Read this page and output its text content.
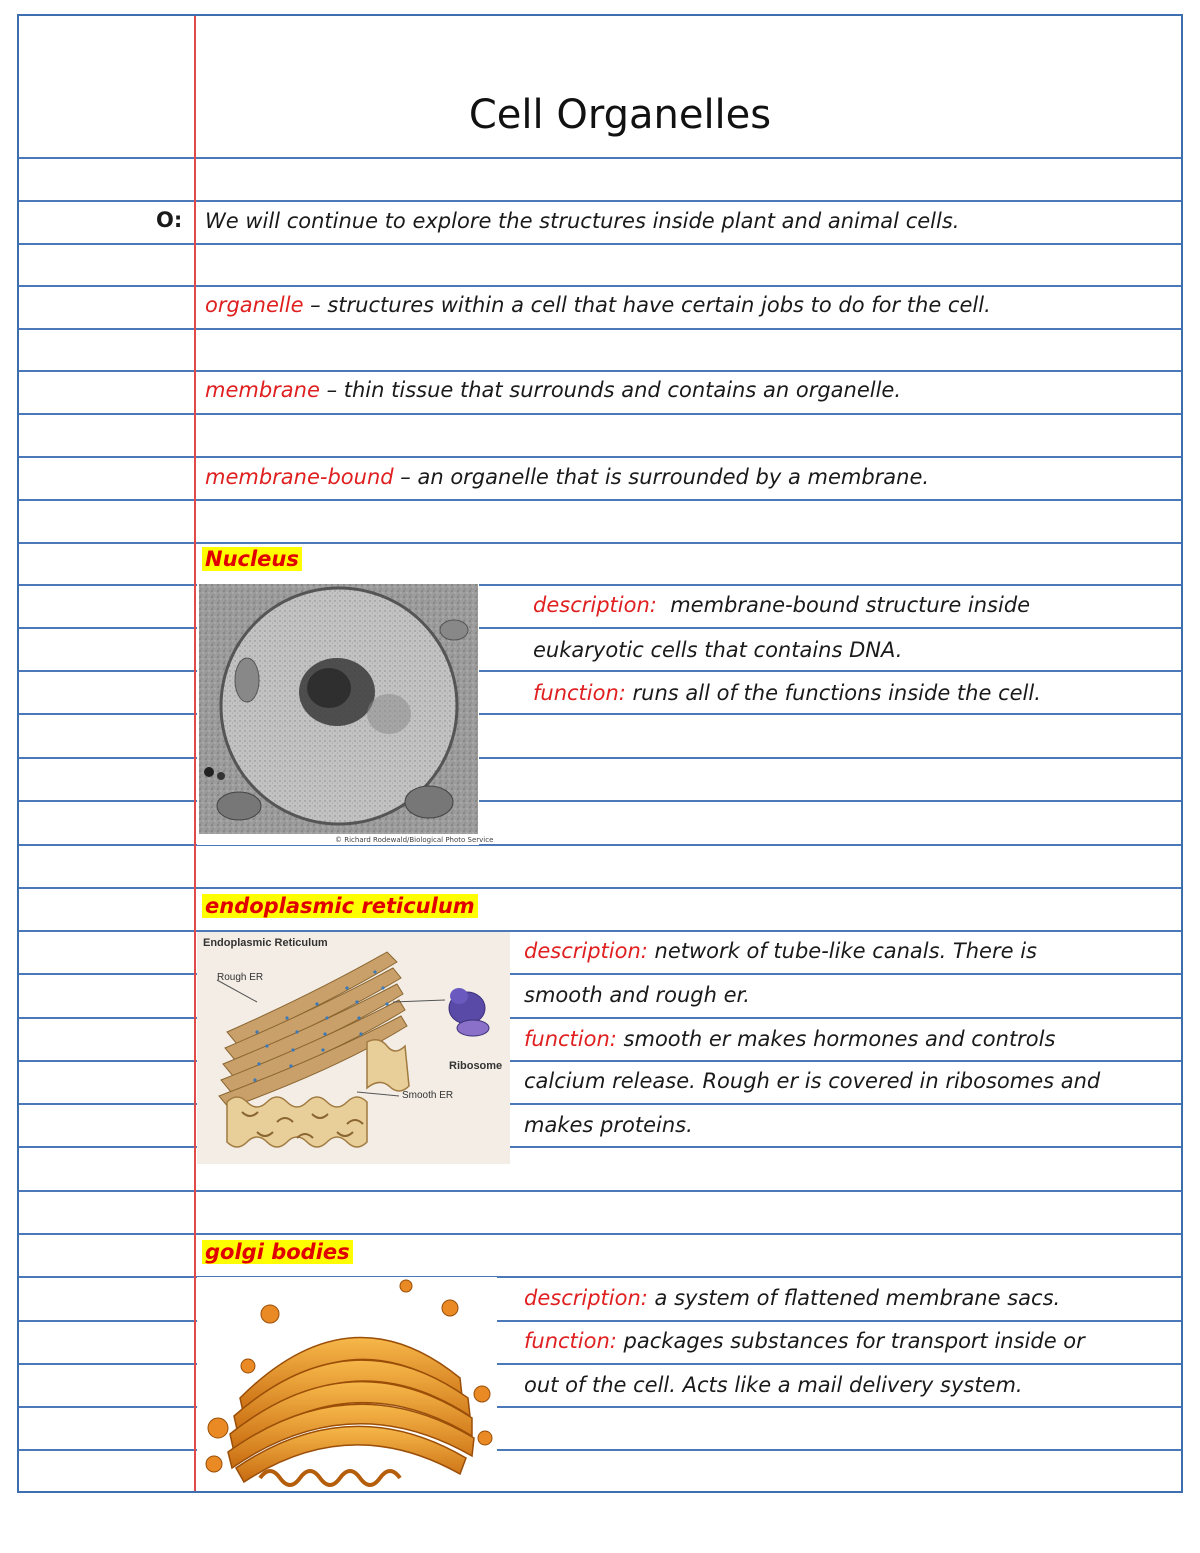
Cell Organelles
O: We will continue to explore the structures inside plant and animal cells.
organelle – structures within a cell that have certain jobs to do for the cell.
membrane – thin tissue that surrounds and contains an organelle.
membrane-bound – an organelle that is surrounded by a membrane.
Nucleus
© Richard Rodewald/Biological Photo Service
description: membrane-bound structure inside
eukaryotic cells that contains DNA.
function: runs all of the functions inside the cell.
endoplasmic reticulum
Endoplasmic Reticulum
Rough ER
Ribosome
Smooth ER
description: network of tube-like canals. There is
smooth and rough er.
function: smooth er makes hormones and controls
calcium release. Rough er is covered in ribosomes and
makes proteins.
golgi bodies
description: a system of flattened membrane sacs.
function: packages substances for transport inside or
out of the cell. Acts like a mail delivery system.
